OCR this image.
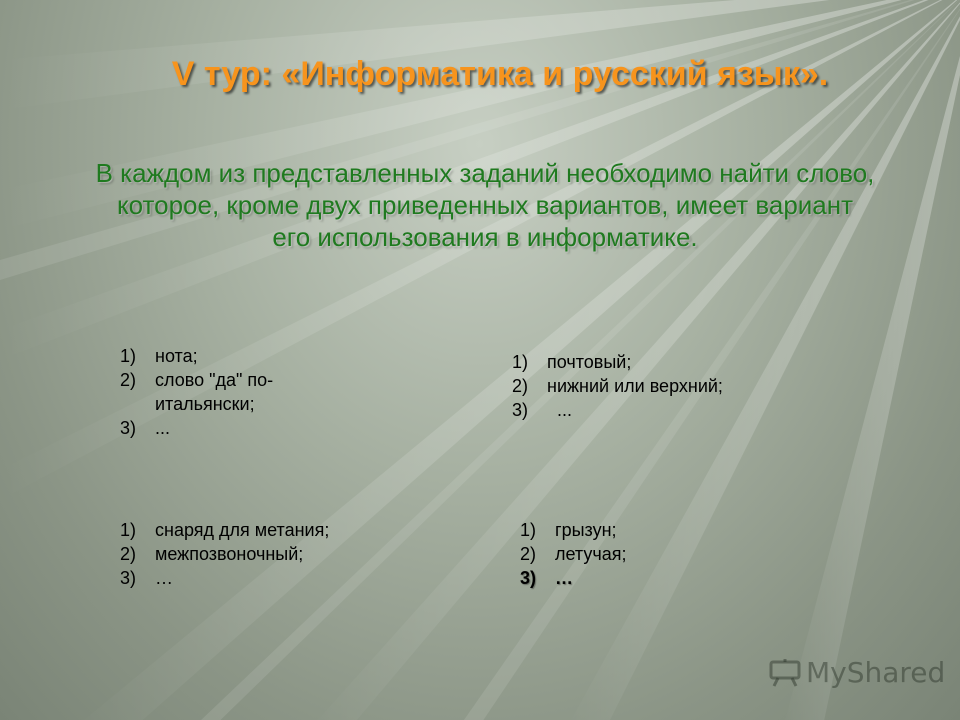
V тур: «Информатика и русский язык».
В каждом из представленных заданий необходимо найти слово, которое, кроме двух приведенных вариантов, имеет вариант его использования в информатике.
1)	нота;
2)	слово "да" по-итальянски;
3)	...
1)	почтовый;
2)	нижний или верхний;
3)	...
1)	снаряд для метания;
2)	межпозвоночный;
3)	…
1)	грызун;
2)	летучая;
3)	…
MyShared
